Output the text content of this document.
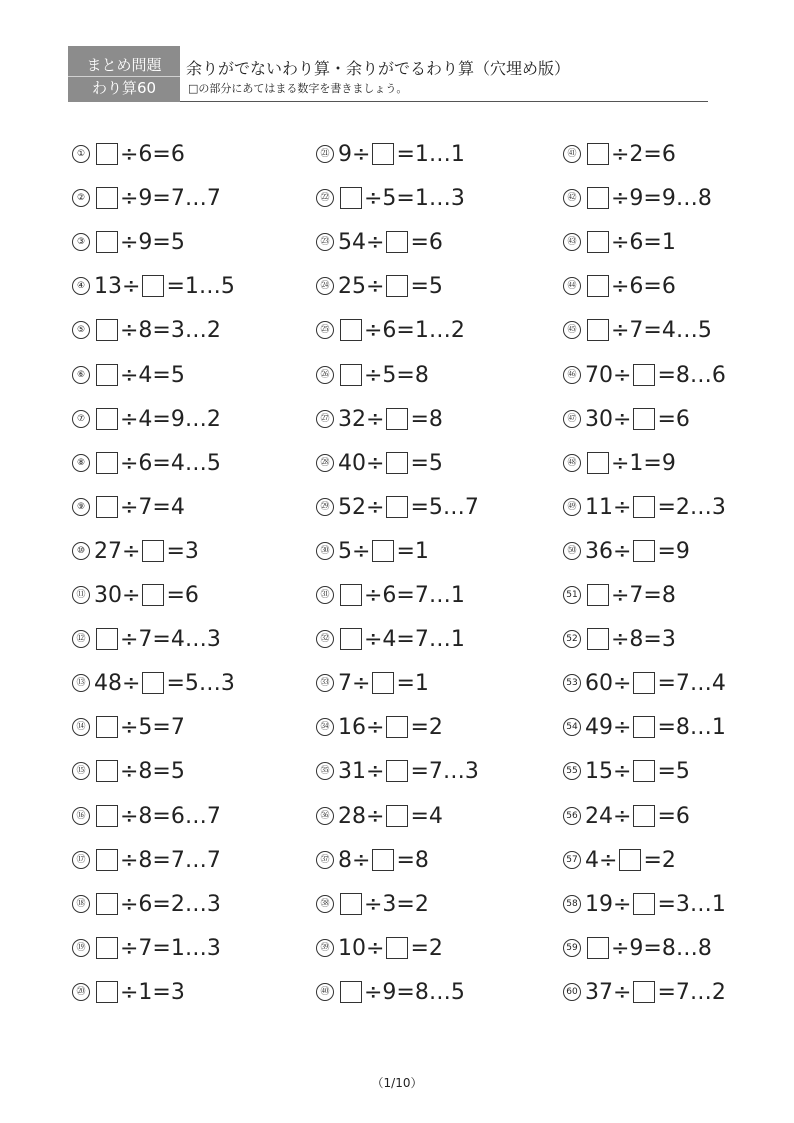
まとめ問題
わり算60
余りがでないわり算・余りがでるわり算（穴埋め版）
□の部分にあてはまる数字を書きましょう。
① ÷6=6
② ÷9=7…7
③ ÷9=5
④ 13÷ =1…5
⑤ ÷8=3…2
⑥ ÷4=5
⑦ ÷4=9…2
⑧ ÷6=4…5
⑨ ÷7=4
⑩ 27÷ =3
⑪ 30÷ =6
⑫ ÷7=4…3
⑬ 48÷ =5…3
⑭ ÷5=7
⑮ ÷8=5
⑯ ÷8=6…7
⑰ ÷8=7…7
⑱ ÷6=2…3
⑲ ÷7=1…3
⑳ ÷1=3
㉑ 9÷ =1…1
㉒ ÷5=1…3
㉓ 54÷ =6
㉔ 25÷ =5
㉕ ÷6=1…2
㉖ ÷5=8
㉗ 32÷ =8
㉘ 40÷ =5
㉙ 52÷ =5…7
㉚ 5÷ =1
㉛ ÷6=7…1
㉜ ÷4=7…1
㉝ 7÷ =1
㉞ 16÷ =2
㉟ 31÷ =7…3
㊱ 28÷ =4
㊲ 8÷ =8
㊳ ÷3=2
㊴ 10÷ =2
㊵ ÷9=8…5
㊶ ÷2=6
㊷ ÷9=9…8
㊸ ÷6=1
㊹ ÷6=6
㊺ ÷7=4…5
㊻ 70÷ =8…6
㊼ 30÷ =6
㊽ ÷1=9
㊾ 11÷ =2…3
㊿ 36÷ =9
51 ÷7=8
52 ÷8=3
53 60÷ =7…4
54 49÷ =8…1
55 15÷ =5
56 24÷ =6
57 4÷ =2
58 19÷ =3…1
59 ÷9=8…8
60 37÷ =7…2
（1/10）
